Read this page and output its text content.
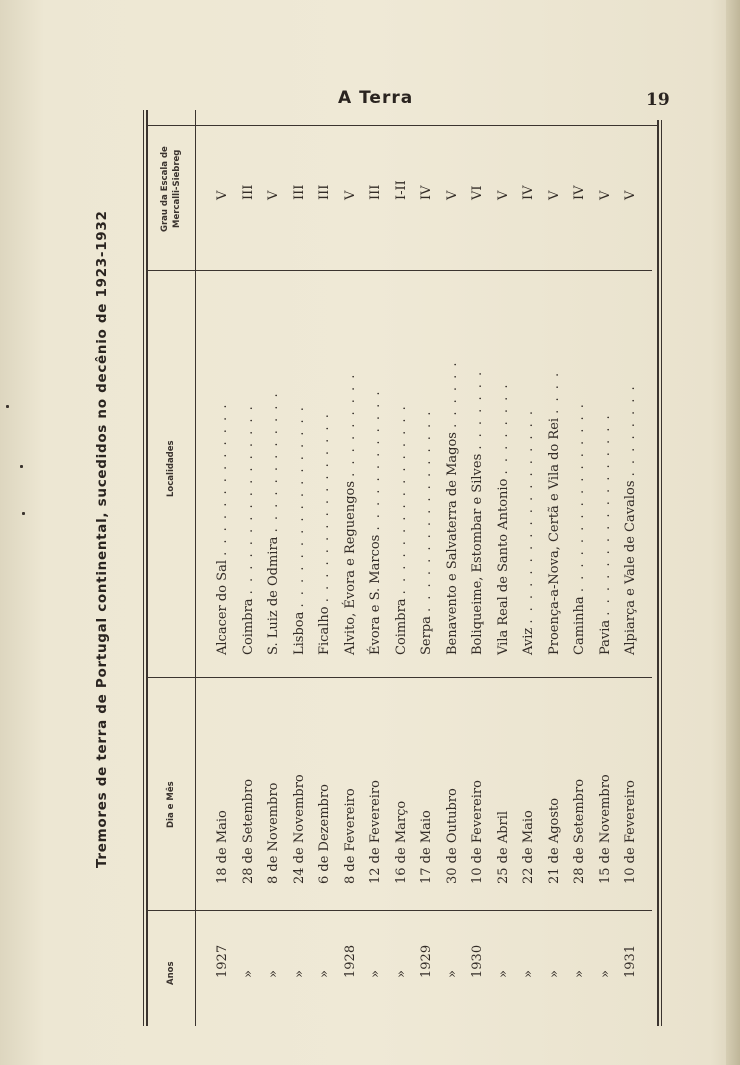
A Terra	19
Tremores de terra de Portugal continental, sucedidos no decênio de 1923-1932
Anos
Dia e Mês
Localidades
Grau da Escala de Mercalli-Siebreg
1927
18 de Maio
Alcacer do Sal . . . . . . . . . . . . .
V
»
28 de Setembro
Coimbra . . . . . . . . . . . . . . . .
III
»
8 de Novembro
S. Luiz de Odmira . . . . . . . . . . . .
V
»
24 de Novembro
Lisboa . . . . . . . . . . . . . . . . .
III
»
6 de Dezembro
Ficalho . . . . . . . . . . . . . . . .
III
1928
8 de Fevereiro
Alvito, Évora e Reguengos . . . . . . . . .
V
»
12 de Fevereiro
Évora e S. Marcos . . . . . . . . . . . .
III
»
16 de Março
Coimbra . . . . . . . . . . . . . . . .
I-II
1929
17 de Maio
Serpa . . . . . . . . . . . . . . . . .
IV
»
30 de Outubro
Benavento e Salvaterra de Magos . . . . . .
V
1930
10 de Fevereiro
Boliqueime, Estombar e Silves . . . . . . .
VI
»
25 de Abril
Vila Real de Santo Antonio . . . . . . . .
V
»
22 de Maio
Aviz . . . . . . . . . . . . . . . . . .
IV
»
21 de Agosto
Proença-a-Nova, Certã e Vila do Rei . . . .
V
»
28 de Setembro
Caminha . . . . . . . . . . . . . . . .
IV
»
15 de Novembro
Pavia . . . . . . . . . . . . . . . . .
V
1931
10 de Fevereiro
Alpiarça e Vale de Cavalos . . . . . . . .
V
